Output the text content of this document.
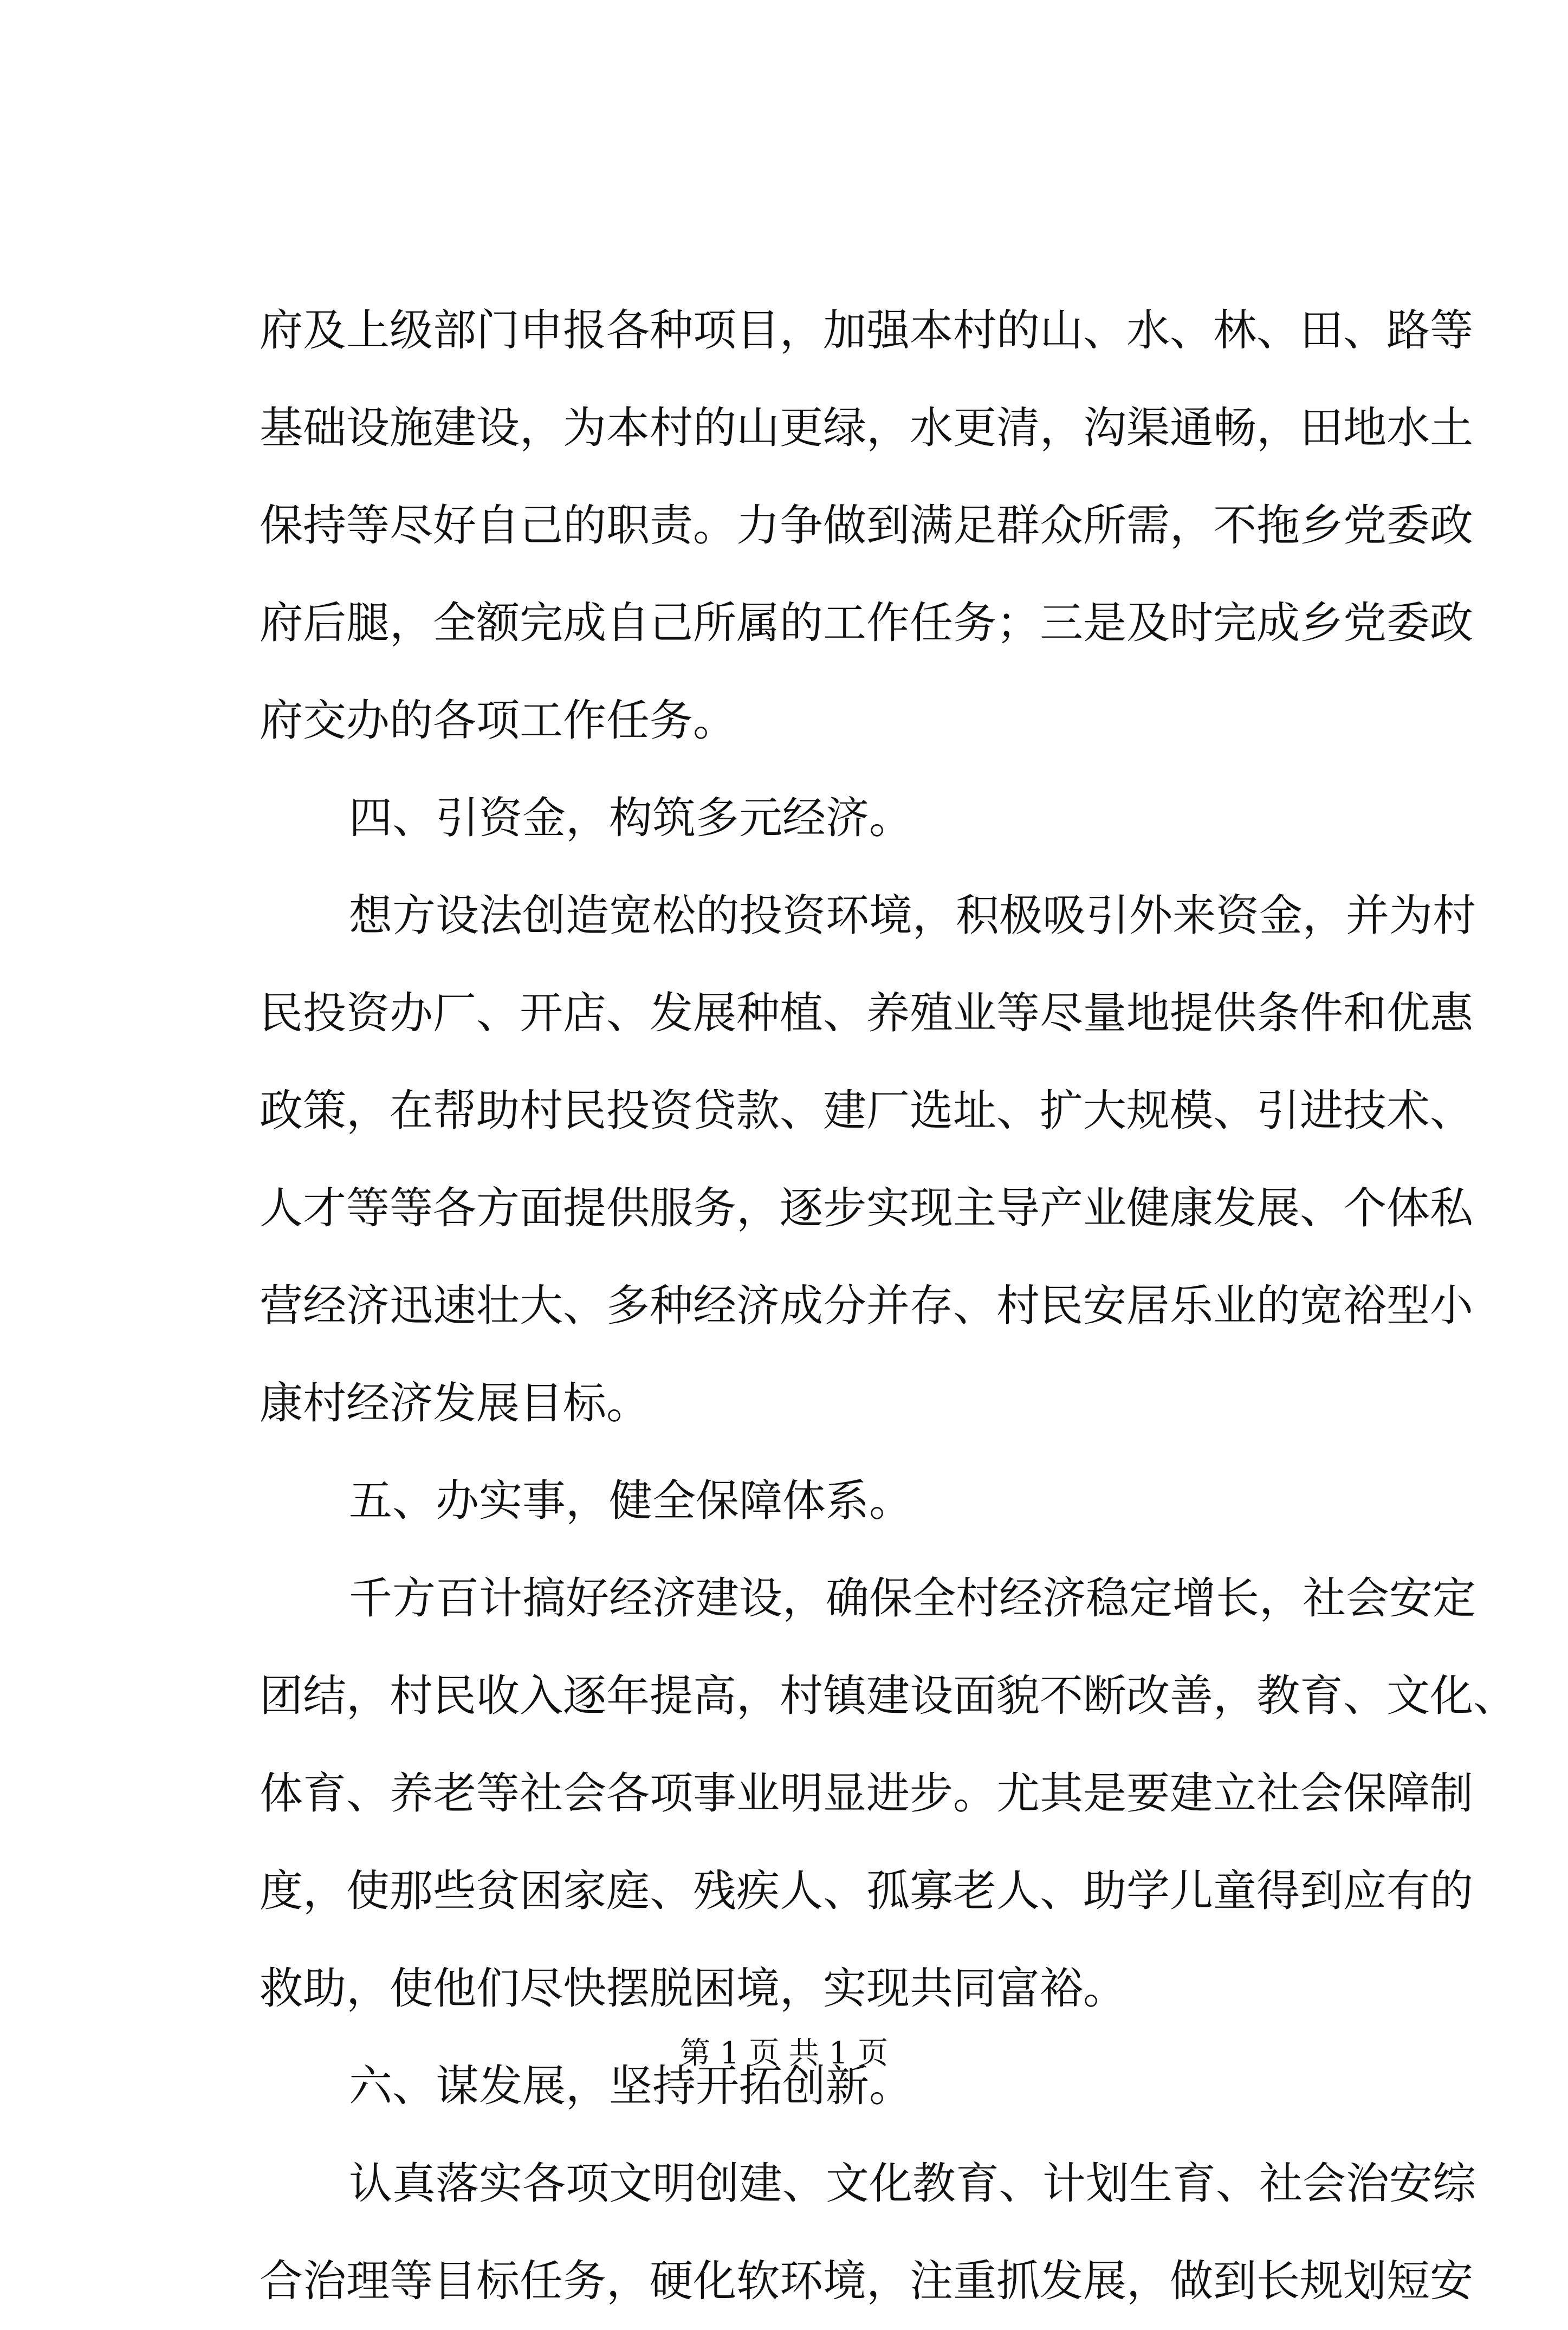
府及上级部门申报各种项目，加强本村的山、水、林、田、路等
基础设施建设，为本村的山更绿，水更清，沟渠通畅，田地水土
保持等尽好自己的职责。力争做到满足群众所需，不拖乡党委政
府后腿，全额完成自己所属的工作任务；三是及时完成乡党委政
府交办的各项工作任务。
四、引资金，构筑多元经济。
想方设法创造宽松的投资环境，积极吸引外来资金，并为村
民投资办厂、开店、发展种植、养殖业等尽量地提供条件和优惠
政策，在帮助村民投资贷款、建厂选址、扩大规模、引进技术、
人才等等各方面提供服务，逐步实现主导产业健康发展、个体私
营经济迅速壮大、多种经济成分并存、村民安居乐业的宽裕型小
康村经济发展目标。
五、办实事，健全保障体系。
千方百计搞好经济建设，确保全村经济稳定增长，社会安定
团结，村民收入逐年提高，村镇建设面貌不断改善，教育、文化、
体育、养老等社会各项事业明显进步。尤其是要建立社会保障制
度，使那些贫困家庭、残疾人、孤寡老人、助学儿童得到应有的
救助，使他们尽快摆脱困境，实现共同富裕。
六、谋发展，坚持开拓创新。
认真落实各项文明创建、文化教育、计划生育、社会治安综
合治理等目标任务，硬化软环境，注重抓发展，做到长规划短安
第 1 页 共 1 页
